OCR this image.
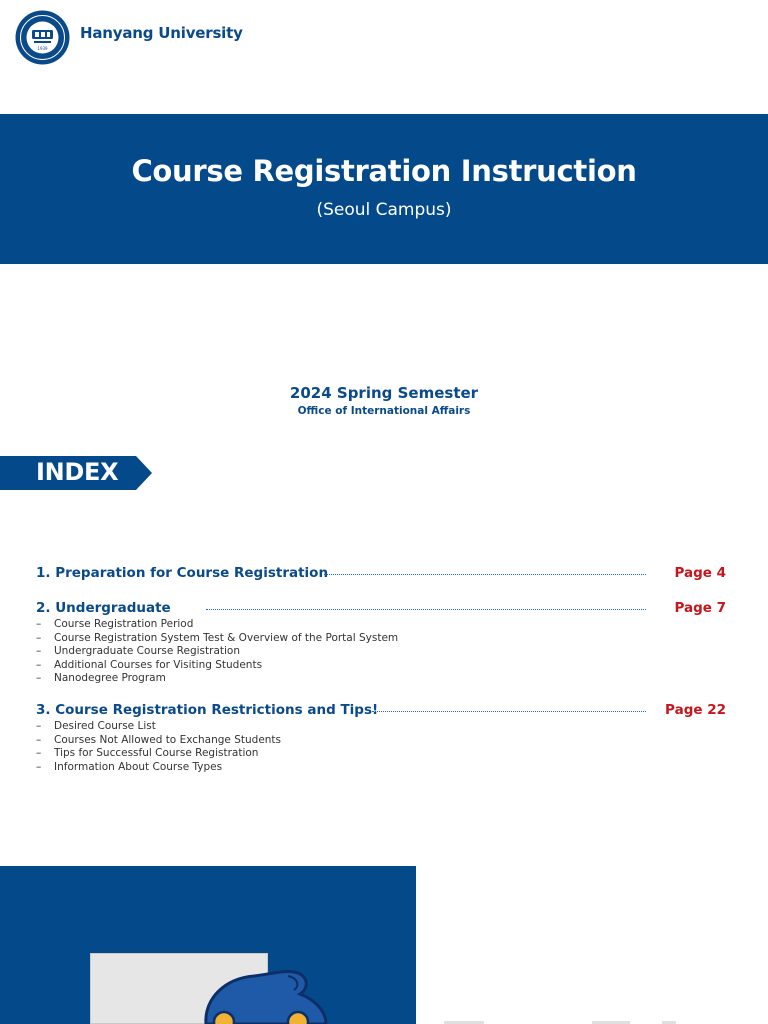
1939
Hanyang University
Course Registration Instruction
(Seoul Campus)
2024 Spring Semester
Office of International Affairs
INDEX
1. Preparation for Course Registration	Page 4
2. Undergraduate	Page 7
– Course Registration Period
– Course Registration System Test & Overview of the Portal System
– Undergraduate Course Registration
– Additional Courses for Visiting Students
– Nanodegree Program
3. Course Registration Restrictions and Tips!	Page 22
– Desired Course List
– Courses Not Allowed to Exchange Students
– Tips for Successful Course Registration
– Information About Course Types
